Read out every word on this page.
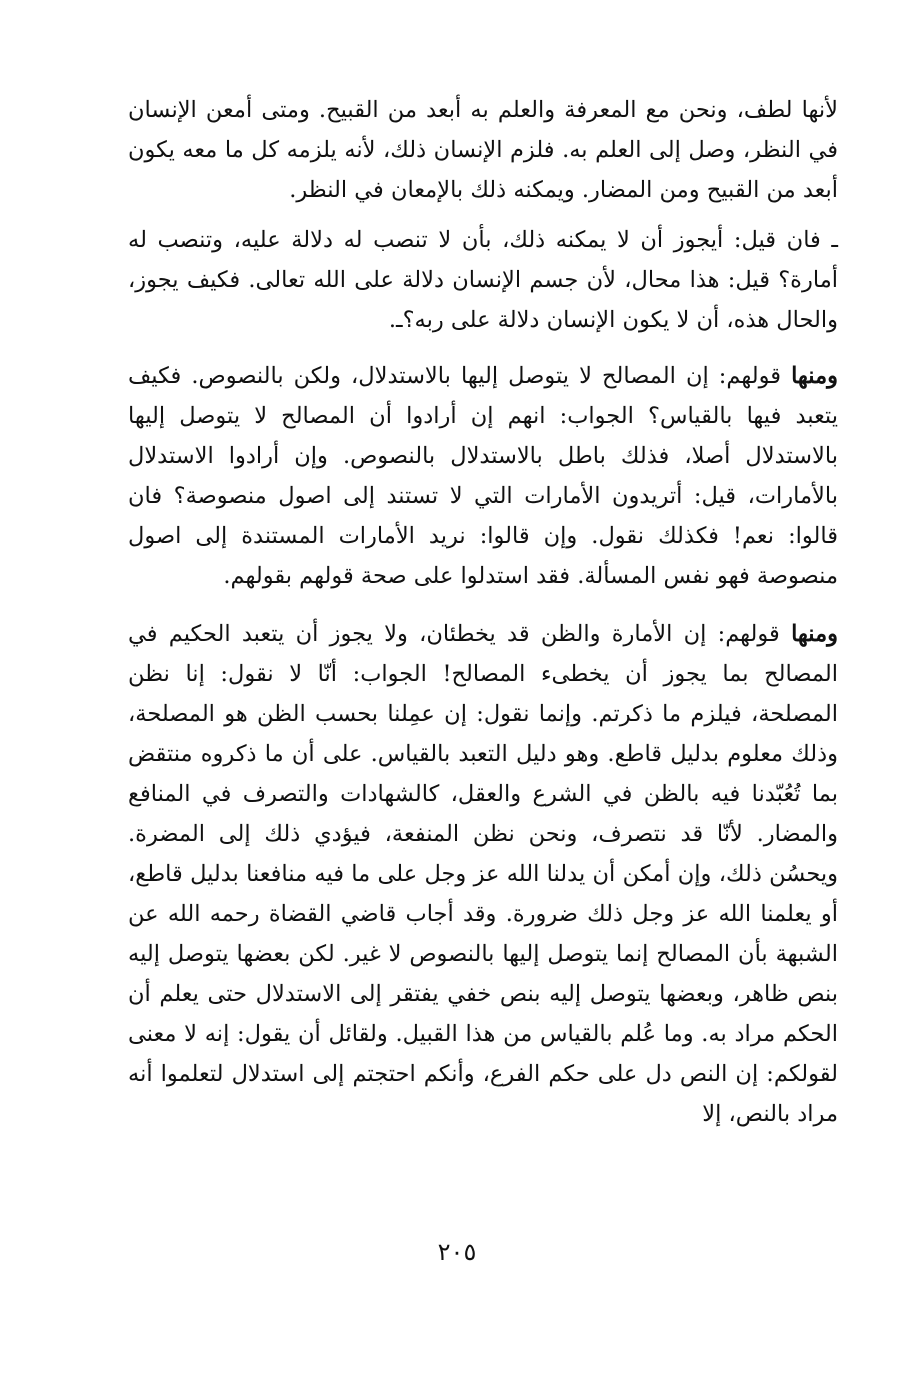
لأنها لطف، ونحن مع المعرفة والعلم به أبعد من القبيح. ومتى أمعن الإنسان في النظر، وصل إلى العلم به. فلزم الإنسان ذلك، لأنه يلزمه كل ما معه يكون أبعد من القبيح ومن المضار. ويمكنه ذلك بالإمعان في النظر.

ـ فان قيل: أيجوز أن لا يمكنه ذلك، بأن لا تنصب له دلالة عليه، وتنصب له أمارة؟ قيل: هذا محال، لأن جسم الإنسان دلالة على الله تعالى. فكيف يجوز، والحال هذه، أن لا يكون الإنسان دلالة على ربه؟ـ.

ومنها قولهم: إن المصالح لا يتوصل إليها بالاستدلال، ولكن بالنصوص. فكيف يتعبد فيها بالقياس؟ الجواب: انهم إن أرادوا أن المصالح لا يتوصل إليها بالاستدلال أصلا، فذلك باطل بالاستدلال بالنصوص. وإن أرادوا الاستدلال بالأمارات، قيل: أتريدون الأمارات التي لا تستند إلى اصول منصوصة؟ فان قالوا: نعم! فكذلك نقول. وإن قالوا: نريد الأمارات المستندة إلى اصول منصوصة فهو نفس المسألة. فقد استدلوا على صحة قولهم بقولهم.

ومنها قولهم: إن الأمارة والظن قد يخطئان، ولا يجوز أن يتعبد الحكيم في المصالح بما يجوز أن يخطىء المصالح! الجواب: أنّا لا نقول: إنا نظن المصلحة، فيلزم ما ذكرتم. وإنما نقول: إن عمِلنا بحسب الظن هو المصلحة، وذلك معلوم بدليل قاطع. وهو دليل التعبد بالقياس. على أن ما ذكروه منتقض بما تُعُبّدنا فيه بالظن في الشرع والعقل، كالشهادات والتصرف في المنافع والمضار. لأنّا قد نتصرف، ونحن نظن المنفعة، فيؤدي ذلك إلى المضرة. ويحسُن ذلك، وإن أمكن أن يدلنا الله عز وجل على ما فيه منافعنا بدليل قاطع، أو يعلمنا الله عز وجل ذلك ضرورة. وقد أجاب قاضي القضاة رحمه الله عن الشبهة بأن المصالح إنما يتوصل إليها بالنصوص لا غير. لكن بعضها يتوصل إليه بنص ظاهر، وبعضها يتوصل إليه بنص خفي يفتقر إلى الاستدلال حتى يعلم أن الحكم مراد به. وما عُلم بالقياس من هذا القبيل. ولقائل أن يقول: إنه لا معنى لقولكم: إن النص دل على حكم الفرع، وأنكم احتجتم إلى استدلال لتعلموا أنه مراد بالنص، إلا

٢٠٥
